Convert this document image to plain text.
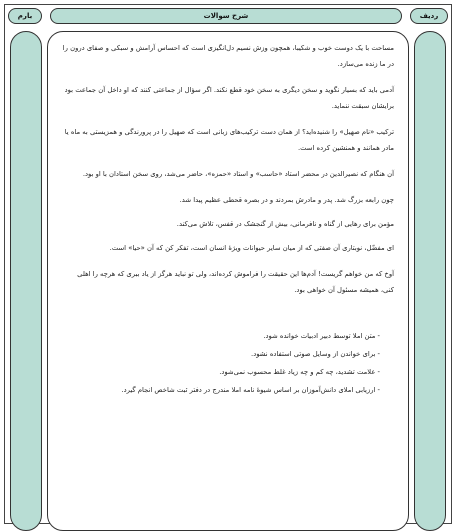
بارم	شرح سوالات	ردیف

مساحت با یک دوست خوب و شکیبا، همچون وزش نسیم دل‌انگیزی است که احساس آرامش و سبکی و صفای درون را در ما زنده می‌سازد.

آدمی باید که بسیار نگوید و سخن دیگری به سخن خود قطع نکند. اگر سؤال از جماعتی کنند که او داخل آن جماعت بود برایشان سبقت ننماید.

ترکیب «نام صهیل» را شنیده‌اید؟ از همان دست ترکیب‌های زبانی است که صهیل را در پرورندگی و همزیستی به ماه یا مادر همانند و همنشین کرده است.

آن هنگام که نصیرالدین در محضر استاد «حاسب» و استاد «حمزه»، حاضر می‌شد، روی سخن استادان با او بود.

چون رابعه بزرگ شد. پدر و مادرش بمردند و در بصره قحطی عظیم پیدا شد.

مؤمن برای رهایی از گناه و نافرمانی، بیش از گنجشک در قفس، تلاش می‌کند.

ای مفضّل، نوبتاری آن صفتی که از میان سایر حیوانات ویژهٔ انسان است، تفکر کن که آن «حیا» است.

آوخ که من خواهم گریست! آدم‌ها این حقیقت را فراموش کرده‌اند، ولی تو نباید هرگز از یاد ببری که هرچه را اهلی کنی، همیشه مسئول آن خواهی بود.

- متن املا توسط دبیر ادبیات خوانده شود.

- برای خواندن از وسایل صوتی استفاده نشود.

- علامت تشدید، چه کم و چه زیاد غلط محسوب نمی‌شود.

- ارزیابی املای دانش‌آموزان بر اساس شیوهٔ نامه املا مندرج در دفتر ثبت شاخص انجام گیرد.
